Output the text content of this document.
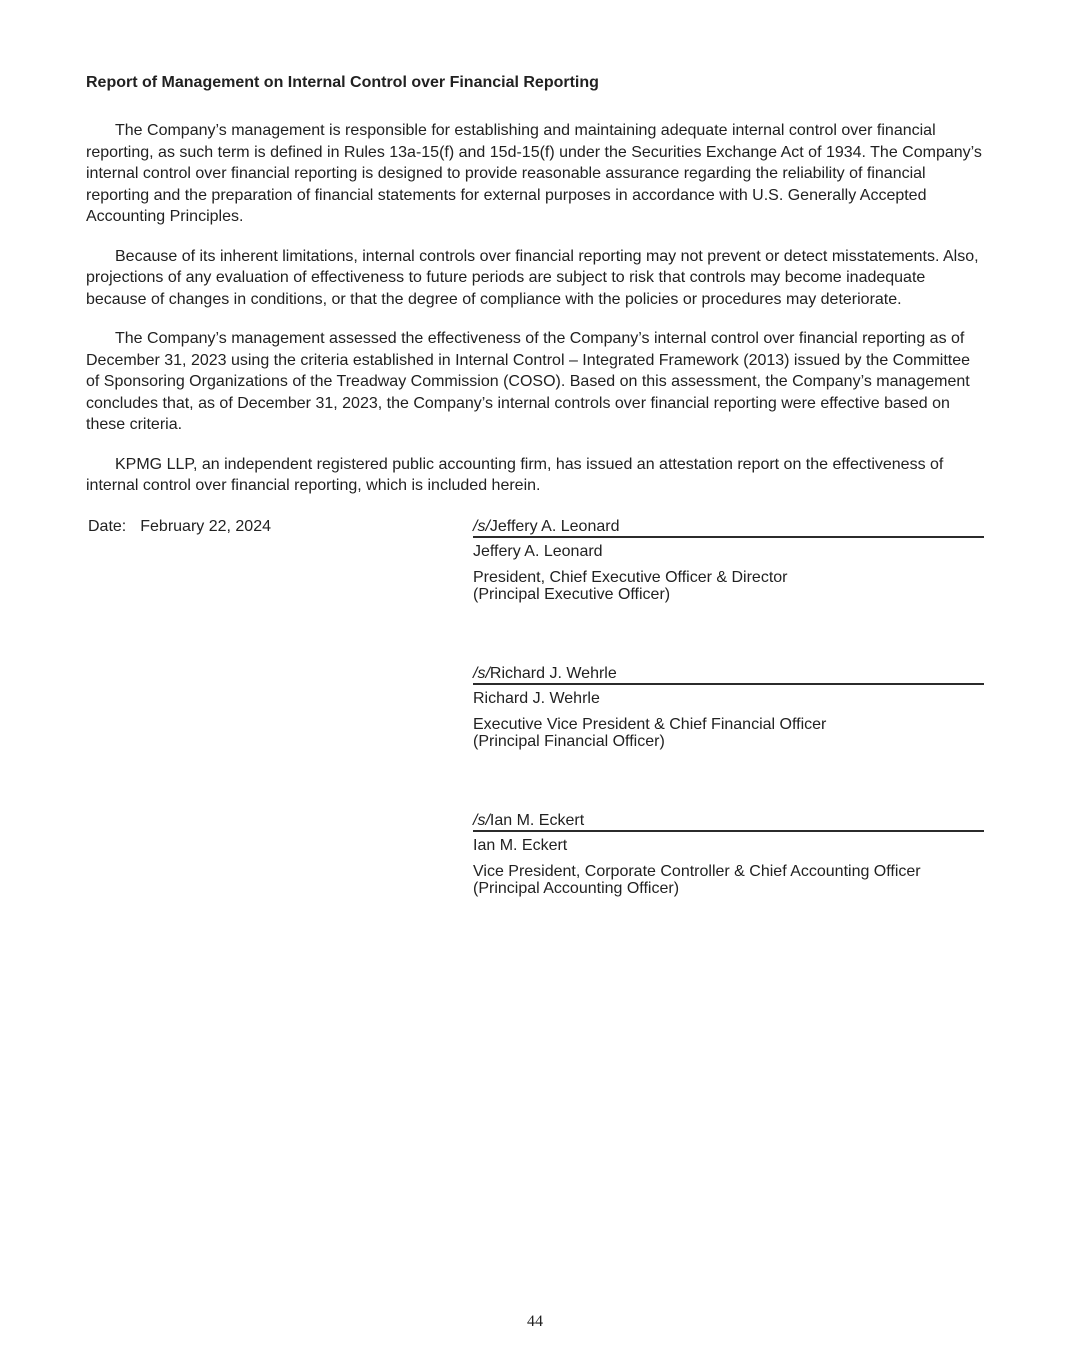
Report of Management on Internal Control over Financial Reporting

The Company’s management is responsible for establishing and maintaining adequate internal control over financial reporting, as such term is defined in Rules 13a-15(f) and 15d-15(f) under the Securities Exchange Act of 1934. The Company’s internal control over financial reporting is designed to provide reasonable assurance regarding the reliability of financial reporting and the preparation of financial statements for external purposes in accordance with U.S. Generally Accepted Accounting Principles.

Because of its inherent limitations, internal controls over financial reporting may not prevent or detect misstatements. Also, projections of any evaluation of effectiveness to future periods are subject to risk that controls may become inadequate because of changes in conditions, or that the degree of compliance with the policies or procedures may deteriorate.

The Company’s management assessed the effectiveness of the Company’s internal control over financial reporting as of December 31, 2023 using the criteria established in Internal Control – Integrated Framework (2013) issued by the Committee of Sponsoring Organizations of the Treadway Commission (COSO). Based on this assessment, the Company’s management concludes that, as of December 31, 2023, the Company’s internal controls over financial reporting were effective based on these criteria.

KPMG LLP, an independent registered public accounting firm, has issued an attestation report on the effectiveness of internal control over financial reporting, which is included herein.

Date: February 22, 2024	/s/Jeffery A. Leonard
Jeffery A. Leonard
President, Chief Executive Officer & Director
(Principal Executive Officer)
/s/Richard J. Wehrle
Richard J. Wehrle
Executive Vice President & Chief Financial Officer
(Principal Financial Officer)
/s/Ian M. Eckert
Ian M. Eckert
Vice President, Corporate Controller & Chief Accounting Officer
(Principal Accounting Officer)
44
